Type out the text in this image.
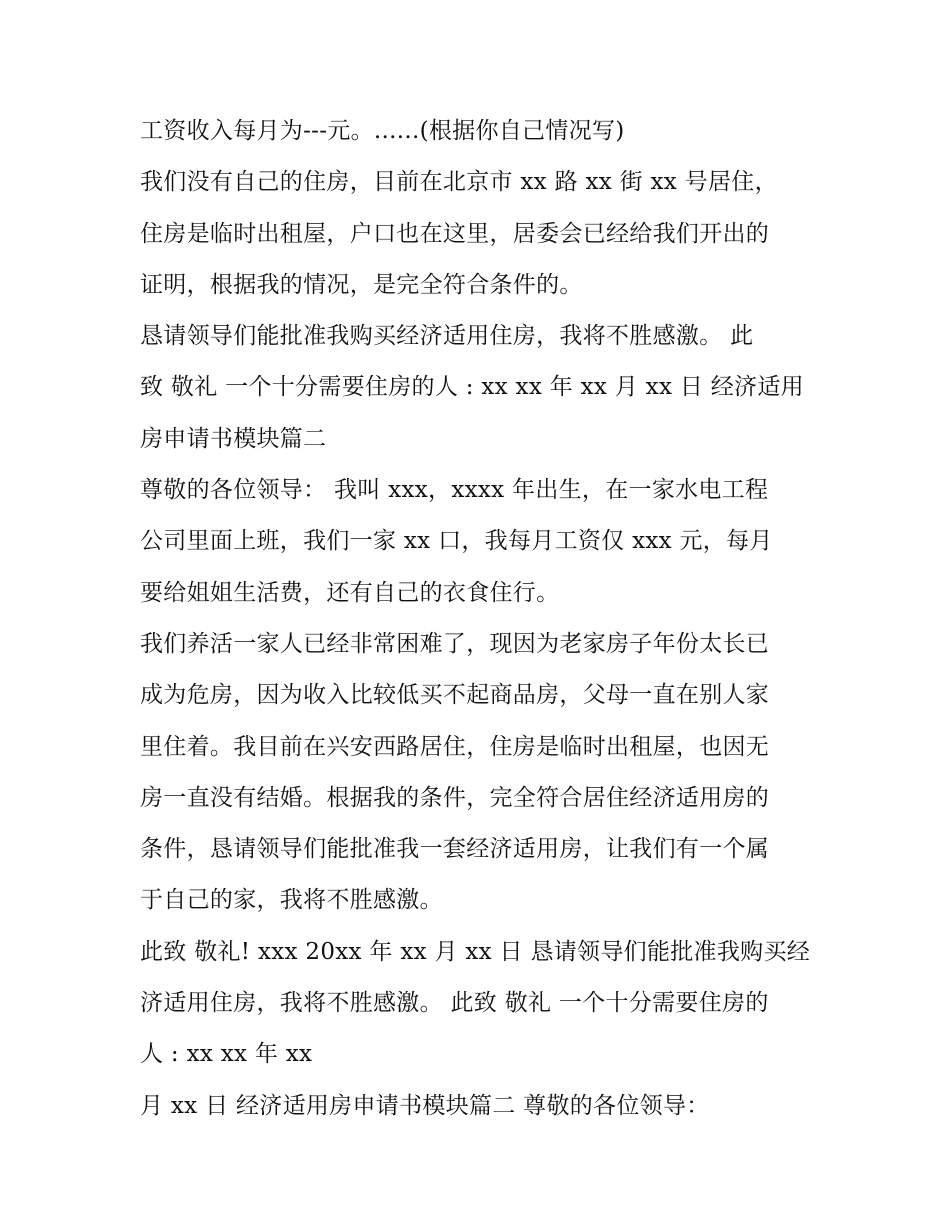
工资收入每月为---元。......(根据你自己情况写)
我们没有自己的住房，目前在北京市 xx 路 xx 街 xx 号居住，
住房是临时出租屋，户口也在这里，居委会已经给我们开出的
证明，根据我的情况，是完全符合条件的。
恳请领导们能批准我购买经济适用住房，我将不胜感激。 此
致 敬礼 一个十分需要住房的人 : xx xx 年 xx 月 xx 日 经济适用
房申请书模块篇二
尊敬的各位领导： 我叫 xxx，xxxx 年出生，在一家水电工程
公司里面上班，我们一家 xx 口，我每月工资仅 xxx 元，每月
要给姐姐生活费，还有自己的衣食住行。
我们养活一家人已经非常困难了，现因为老家房子年份太长已
成为危房，因为收入比较低买不起商品房，父母一直在别人家
里住着。我目前在兴安西路居住，住房是临时出租屋，也因无
房一直没有结婚。根据我的条件，完全符合居住经济适用房的
条件，恳请领导们能批准我一套经济适用房，让我们有一个属
于自己的家，我将不胜感激。
此致 敬礼! xxx 20xx 年 xx 月 xx 日 恳请领导们能批准我购买经
济适用住房，我将不胜感激。 此致 敬礼 一个十分需要住房的
人 : xx xx 年 xx
月 xx 日 经济适用房申请书模块篇二 尊敬的各位领导：
